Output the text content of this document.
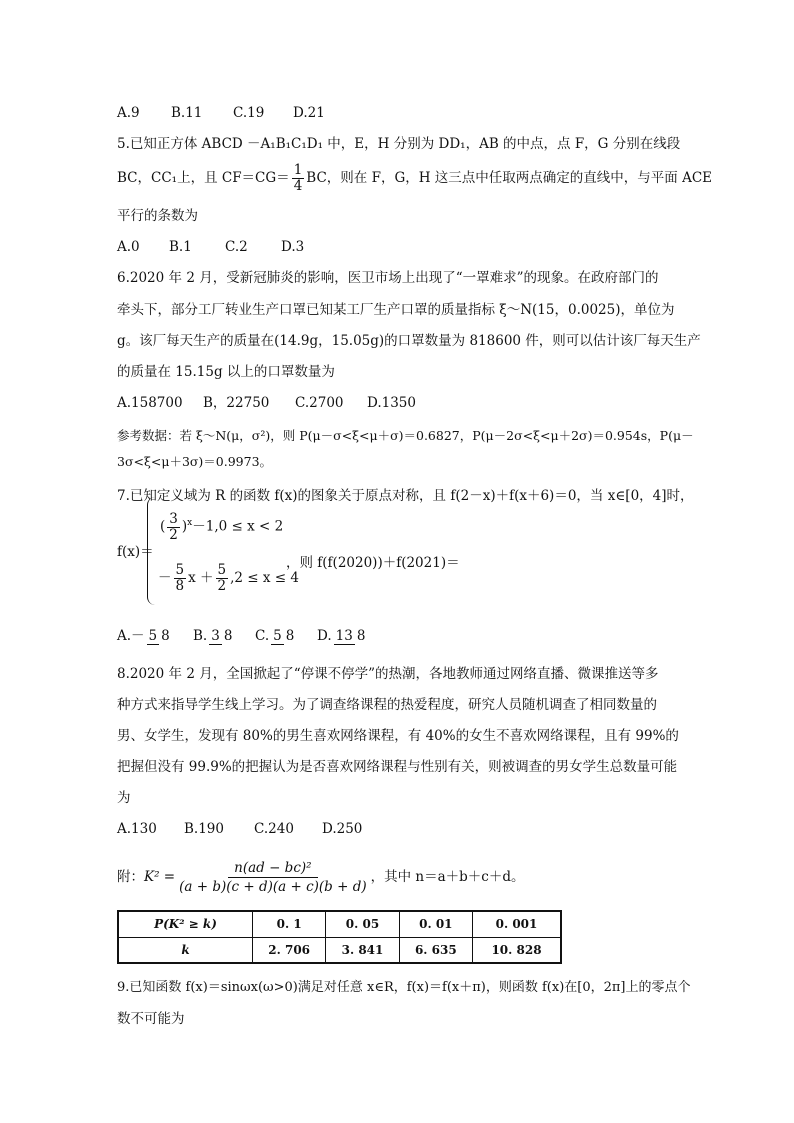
A.9 B.11 C.19 D.21
5.已知正方体 ABCD －A₁B₁C₁D₁ 中，E，H 分别为 DD₁，AB 的中点，点 F，G 分别在线段
BC，CC₁上，且 $CF=CG= \frac{1}{4}$ BC，则在 F，G，H 这三点中任取两点确定的直线中，与平面 ACE
平行的条数为
A.0 B.1 C.2 D.3
6.2020 年 2 月，受新冠肺炎的影响，医卫市场上出现了“一罩难求”的现象。在政府部门的
牵头下，部分工厂转业生产口罩已知某工厂生产口罩的质量指标 ξ～N(15，0.0025)，单位为
g。该厂每天生产的质量在(14.9g，15.05g)的口罩数量为 818600 件，则可以估计该厂每天生产
的质量在 15.15g 以上的口罩数量为
A.158700 B，22750 C.2700 D.1350
参考数据：若 ξ～N(μ，σ²)，则 P(μ－σ<ξ<μ＋σ)＝0.6827，P(μ－2σ<ξ<μ＋2σ)＝0.954s，P(μ－
3σ<ξ<μ＋3σ)＝0.9973。
7.已知定义域为 R 的函数 f(x)的图象关于原点对称，且 f(2－x)＋f(x＋6)＝0，当 x∈[0，4]时，
f(x)＝
( $\frac{3}{2} )^x-1,0 \le x < 2$
－ $\frac{5}{8}$ $x + \frac{5}{2} ,2 \le x \le 4$
，则 f(f(2020))＋f(2021)＝
A.－ 5 8 B. 3 8 C. 5 8 D. 13 8
8.2020 年 2 月，全国掀起了“停课不停学”的热潮，各地教师通过网络直播、微课推送等多
种方式来指导学生线上学习。为了调查络课程的热爱程度，研究人员随机调查了相同数量的
男、女学生，发现有 80%的男生喜欢网络课程，有 40%的女生不喜欢网络课程，且有 99%的
把握但没有 99.9%的把握认为是否喜欢网络课程与性别有关，则被调查的男女学生总数量可能
为
A.130 B.190 C.240 D.250
附：$K^2 = \frac{\text{n(ad − bc)²}}{(a + b)(c + d)(a + c)(b + d)}$ ，其中 n＝a＋b＋c＋d。
P(K² ≥ k)	0. 1	0. 05	0. 01	0. 001
k	2. 706	3. 841	6. 635	10. 828
9.已知函数 f(x)＝sinωx(ω>0)满足对任意 x∈R，f(x)＝f(x＋π)，则函数 f(x)在[0，2π]上的零点个
数不可能为
